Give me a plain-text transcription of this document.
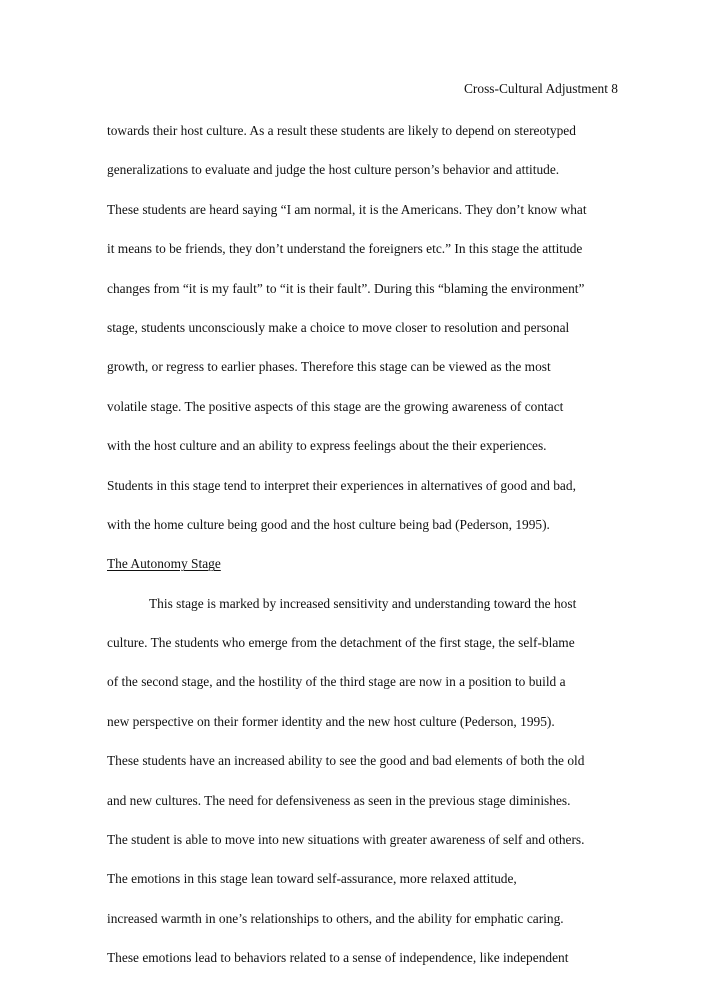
Cross-Cultural Adjustment 8
towards their host culture. As a result these students are likely to depend on stereotyped
generalizations to evaluate and judge the host culture person’s behavior and attitude.
These students are heard saying “I am normal, it is the Americans. They don’t know what
it means to be friends, they don’t understand the foreigners etc.” In this stage the attitude
changes from “it is my fault” to “it is their fault”. During this “blaming the environment”
stage, students unconsciously make a choice to move closer to resolution and personal
growth, or regress to earlier phases. Therefore this stage can be viewed as the most
volatile stage. The positive aspects of this stage are the growing awareness of contact
with the host culture and an ability to express feelings about the their experiences.
Students in this stage tend to interpret their experiences in alternatives of good and bad,
with the home culture being good and the host culture being bad (Pederson, 1995).
The Autonomy Stage
This stage is marked by increased sensitivity and understanding toward the host
culture. The students who emerge from the detachment of the first stage, the self-blame
of the second stage, and the hostility of the third stage are now in a position to build a
new perspective on their former identity and the new host culture (Pederson, 1995).
These students have an increased ability to see the good and bad elements of both the old
and new cultures. The need for defensiveness as seen in the previous stage diminishes.
The student is able to move into new situations with greater awareness of self and others.
The emotions in this stage lean toward self-assurance, more relaxed attitude,
increased warmth in one’s relationships to others, and the ability for emphatic caring.
These emotions lead to behaviors related to a sense of independence, like independent
